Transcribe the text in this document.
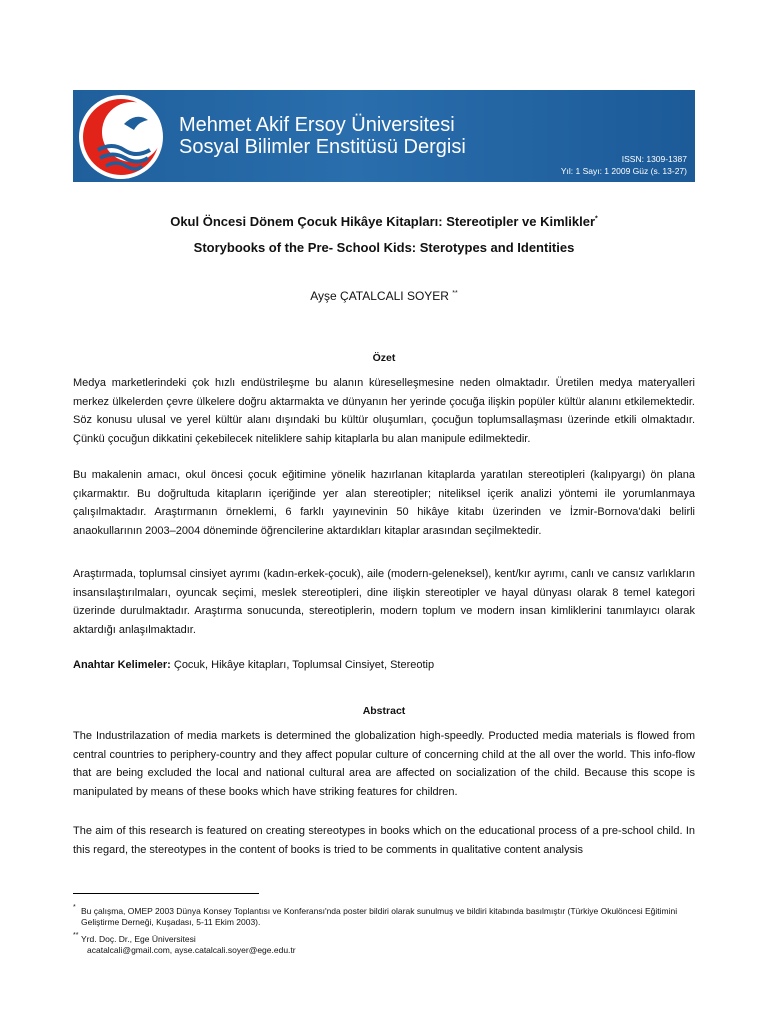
Mehmet Akif Ersoy Üniversitesi
Sosyal Bilimler Enstitüsü Dergisi
ISSN: 1309-1387
Yıl: 1 Sayı: 1 2009 Güz (s. 13-27)
Okul Öncesi Dönem Çocuk Hikâye Kitapları: Stereotipler ve Kimlikler*
Storybooks of the Pre- School Kids: Sterotypes and Identities
Ayşe ÇATALCALI SOYER **
Özet

Medya marketlerindeki çok hızlı endüstrileşme bu alanın küreselleşmesine neden olmaktadır. Üretilen medya materyalleri merkez ülkelerden çevre ülkelere doğru aktarmakta ve dünyanın her yerinde çocuğa ilişkin popüler kültür alanını etkilemektedir. Söz konusu ulusal ve yerel kültür alanı dışındaki bu kültür oluşumları, çocuğun toplumsallaşması üzerinde etkili olmaktadır. Çünkü çocuğun dikkatini çekebilecek niteliklere sahip kitaplarla bu alan manipule edilmektedir.

Bu makalenin amacı, okul öncesi çocuk eğitimine yönelik hazırlanan kitaplarda yaratılan stereotipleri (kalıpyargı) ön plana çıkarmaktır. Bu doğrultuda kitapların içeriğinde yer alan stereotipler; niteliksel içerik analizi yöntemi ile yorumlanmaya çalışılmaktadır. Araştırmanın örneklemi, 6 farklı yayınevinin 50 hikâye kitabı üzerinden ve İzmir-Bornova'daki belirli anaokullarının 2003–2004 döneminde öğrencilerine aktardıkları kitaplar arasından seçilmektedir.

Araştırmada, toplumsal cinsiyet ayrımı (kadın-erkek-çocuk), aile (modern-geleneksel), kent/kır ayrımı, canlı ve cansız varlıkların insansılaştırılmaları, oyuncak seçimi, meslek stereotipleri, dine ilişkin stereotipler ve hayal dünyası olarak 8 temel kategori üzerinde durulmaktadır. Araştırma sonucunda, stereotiplerin, modern toplum ve modern insan kimliklerini tanımlayıcı olarak aktardığı anlaşılmaktadır.

Anahtar Kelimeler: Çocuk, Hikâye kitapları, Toplumsal Cinsiyet, Stereotip
Abstract

The Industrilazation of media markets is determined the globalization high-speedly. Producted media materials is flowed from central countries to periphery-country and they affect popular culture of concerning child at the all over the world. This info-flow that are being excluded the local and national cultural area are affected on socialization of the child. Because this scope is manipulated by means of these books which have striking features for children.

The aim of this research is featured on creating stereotypes in books which on the educational process of a pre-school child. In this regard, the stereotypes in the content of books is tried to be comments in qualitative content analysis

* Bu çalışma, OMEP 2003 Dünya Konsey Toplantısı ve Konferansı'nda poster bildiri olarak sunulmuş ve bildiri kitabında basılmıştır (Türkiye Okulöncesi Eğitimini Geliştirme Derneği, Kuşadası, 5-11 Ekim 2003).
** Yrd. Doç. Dr., Ege Üniversitesi
acatalcali@gmail.com, ayse.catalcali.soyer@ege.edu.tr
